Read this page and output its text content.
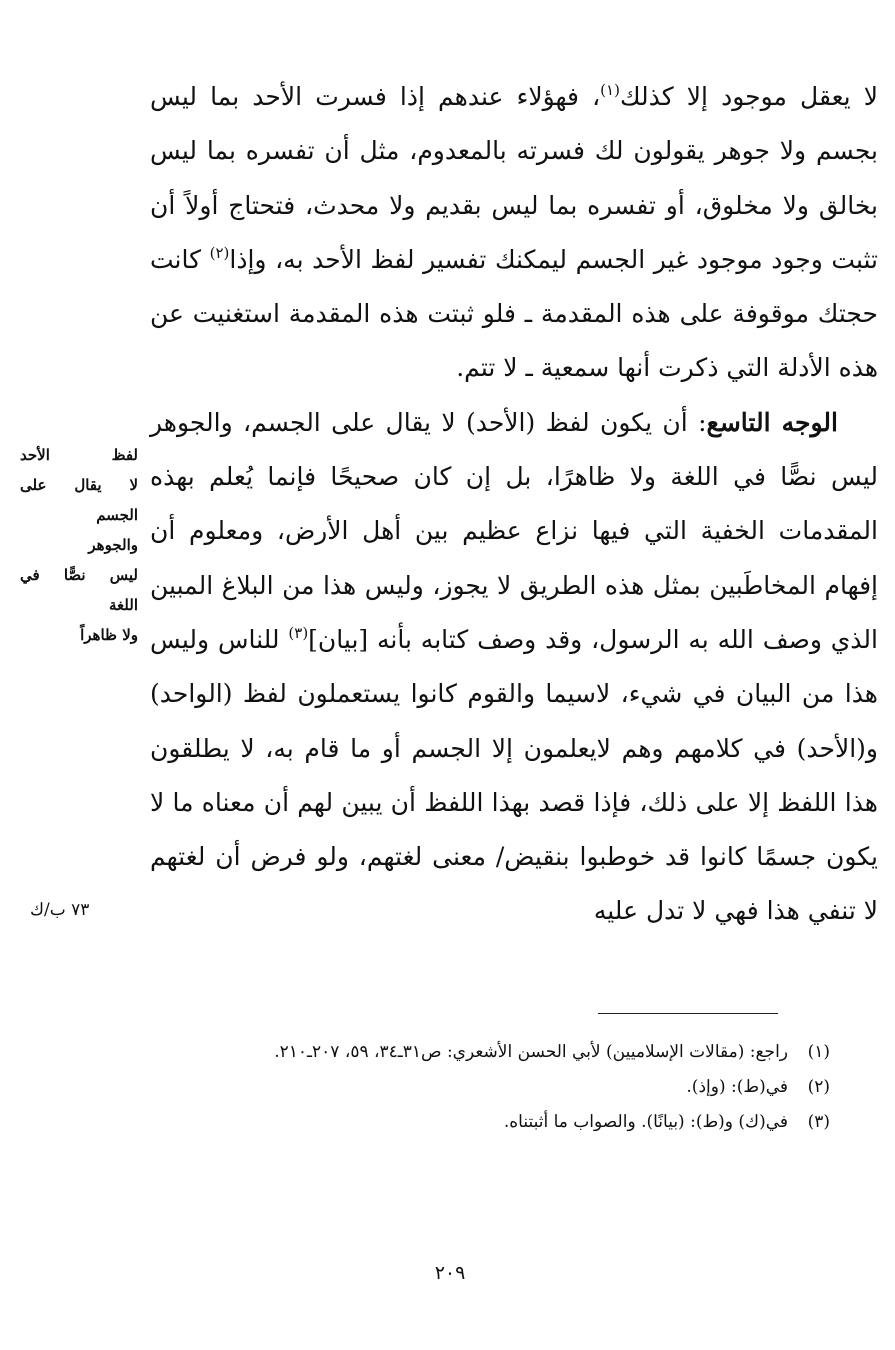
لا يعقل موجود إلا كذلك$^{(١)}$، فهؤلاء عندهم إذا فسرت الأحد بما ليس بجسم ولا جوهر يقولون لك فسرته بالمعدوم، مثل أن تفسره بما ليس بخالق ولا مخلوق، أو تفسره بما ليس بقديم ولا محدث، فتحتاج أولاً أن تثبت وجود موجود غير الجسم ليمكنك تفسير لفظ الأحد به، وإذا$^{(٢)}$ كانت حجتك موقوفة على هذه المقدمة ـ فلو ثبتت هذه المقدمة استغنيت عن هذه الأدلة التي ذكرت أنها سمعية ـ لا تتم.

الوجه التاسع: أن يكون لفظ (الأحد) لا يقال على الجسم، والجوهر ليس نصًّا في اللغة ولا ظاهرًا، بل إن كان صحيحًا فإنما يُعلم بهذه المقدمات الخفية التي فيها نزاع عظيم بين أهل الأرض، ومعلوم أن إفهام المخاطَبين بمثل هذه الطريق لا يجوز، وليس هذا من البلاغ المبين الذي وصف الله به الرسول، وقد وصف كتابه بأنه [بيان]$^{(٣)}$ للناس وليس هذا من البيان في شيء، لاسيما والقوم كانوا يستعملون لفظ (الواحد) و(الأحد) في كلامهم وهم لايعلمون إلا الجسم أو ما قام به، لا يطلقون هذا اللفظ إلا على ذلك، فإذا قصد بهذا اللفظ أن يبين لهم أن معناه ما لا يكون جسمًا كانوا قد خوطبوا بنقيض/ معنى لغتهم، ولو فرض أن لغتهم لا تنفي هذا فهي لا تدل عليه

لفظ الأحد
لا يقال على
الجسم
والجوهر
ليس نصًّا في
اللغة
ولا ظاهراً
٧٣ ب/ك
(١)
راجع: (مقالات الإسلاميين) لأبي الحسن الأشعري: ص٣١ـ٣٤، ٥٩، ٢٠٧ـ٢١٠.
(٢)
في(ط): (وإذ).
(٣)
في(ك) و(ط): (بيانًا). والصواب ما أثبتناه.
٢٠٩
